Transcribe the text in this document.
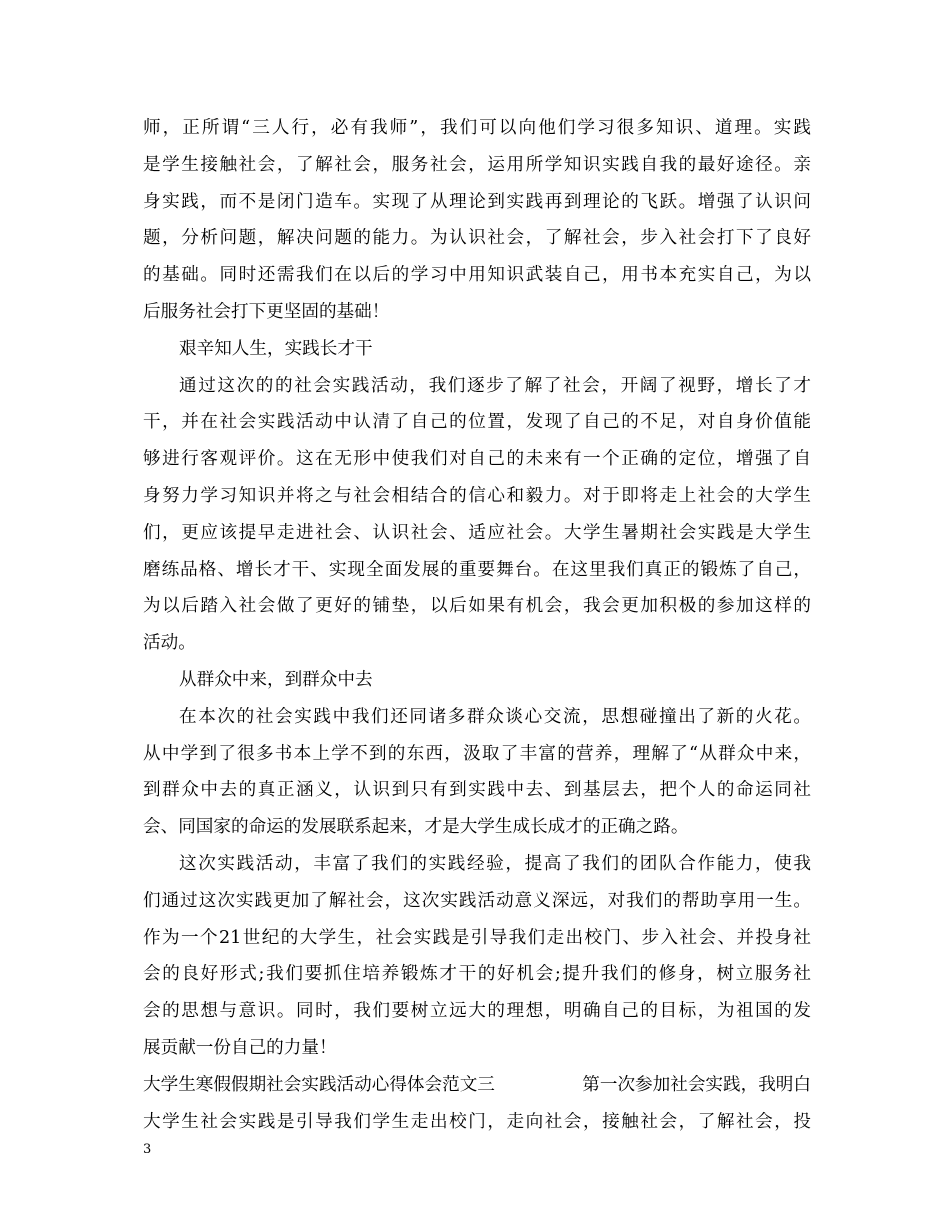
师，正所谓“三人行，必有我师”，我们可以向他们学习很多知识、道理。实践
是学生接触社会，了解社会，服务社会，运用所学知识实践自我的最好途径。亲
身实践，而不是闭门造车。实现了从理论到实践再到理论的飞跃。增强了认识问
题，分析问题，解决问题的能力。为认识社会，了解社会，步入社会打下了良好
的基础。同时还需我们在以后的学习中用知识武装自己，用书本充实自己，为以
后服务社会打下更坚固的基础！
艰辛知人生，实践长才干
通过这次的的社会实践活动，我们逐步了解了社会，开阔了视野，增长了才
干，并在社会实践活动中认清了自己的位置，发现了自己的不足，对自身价值能
够进行客观评价。这在无形中使我们对自己的未来有一个正确的定位，增强了自
身努力学习知识并将之与社会相结合的信心和毅力。对于即将走上社会的大学生
们，更应该提早走进社会、认识社会、适应社会。大学生暑期社会实践是大学生
磨练品格、增长才干、实现全面发展的重要舞台。在这里我们真正的锻炼了自己，
为以后踏入社会做了更好的铺垫，以后如果有机会，我会更加积极的参加这样的
活动。
从群众中来，到群众中去
在本次的社会实践中我们还同诸多群众谈心交流，思想碰撞出了新的火花。
从中学到了很多书本上学不到的东西，汲取了丰富的营养，理解了“从群众中来，
到群众中去的真正涵义，认识到只有到实践中去、到基层去，把个人的命运同社
会、同国家的命运的发展联系起来，才是大学生成长成才的正确之路。
这次实践活动，丰富了我们的实践经验，提高了我们的团队合作能力，使我
们通过这次实践更加了解社会，这次实践活动意义深远，对我们的帮助享用一生。
作为一个21世纪的大学生，社会实践是引导我们走出校门、步入社会、并投身社
会的良好形式;我们要抓住培养锻炼才干的好机会;提升我们的修身，树立服务社
会的思想与意识。同时，我们要树立远大的理想，明确自己的目标，为祖国的发
展贡献一份自己的力量！
大学生寒假假期社会实践活动心得体会范文三	第一次参加社会实践，我明白
大学生社会实践是引导我们学生走出校门，走向社会，接触社会，了解社会，投
3
